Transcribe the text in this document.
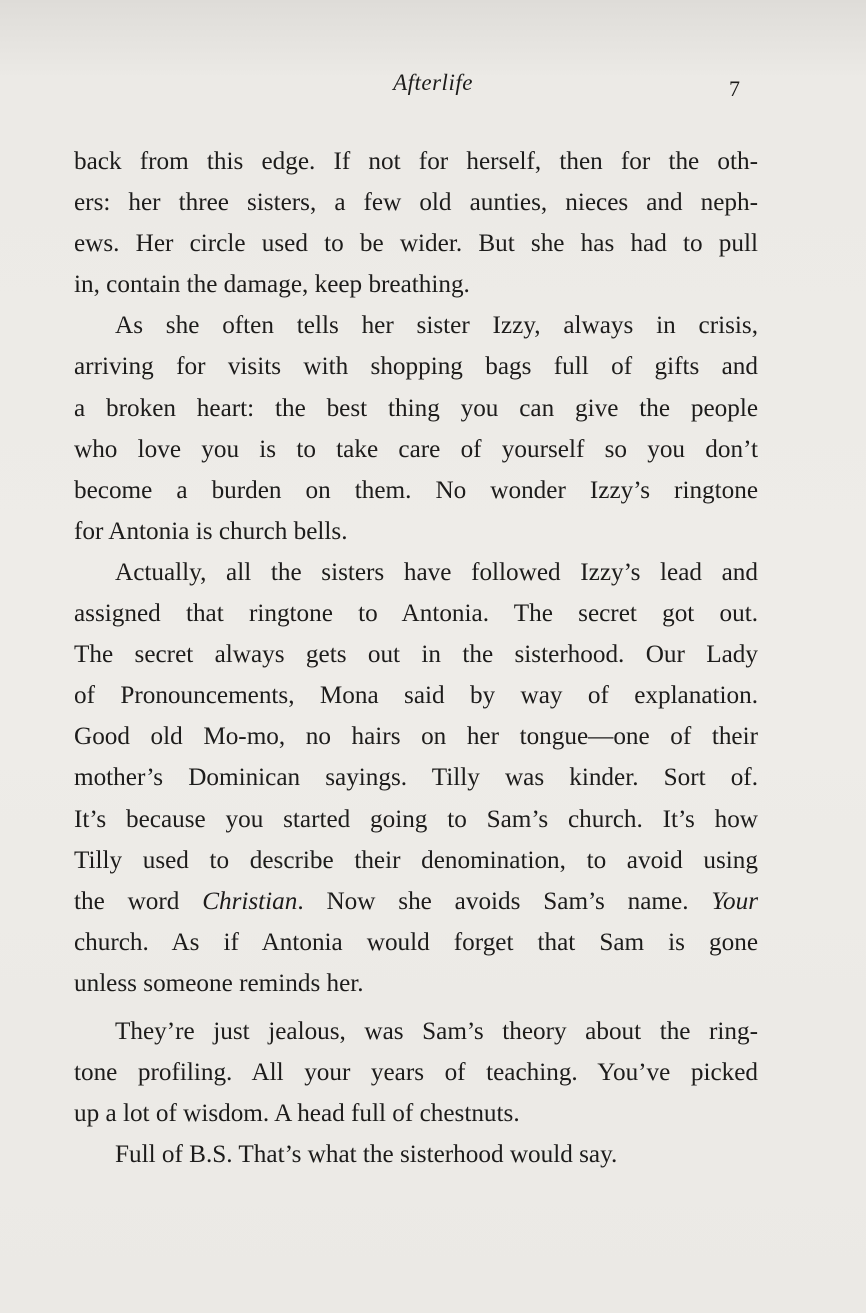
Afterlife	7

back from this edge. If not for herself, then for the oth-
ers: her three sisters, a few old aunties, nieces and neph-
ews. Her circle used to be wider. But she has had to pull
in, contain the damage, keep breathing.

As she often tells her sister Izzy, always in crisis,
arriving for visits with shopping bags full of gifts and
a broken heart: the best thing you can give the people
who love you is to take care of yourself so you don’t
become a burden on them. No wonder Izzy’s ringtone
for Antonia is church bells.

Actually, all the sisters have followed Izzy’s lead and
assigned that ringtone to Antonia. The secret got out.
The secret always gets out in the sisterhood. Our Lady
of Pronouncements, Mona said by way of explanation.
Good old Mo-mo, no hairs on her tongue—one of their
mother’s Dominican sayings. Tilly was kinder. Sort of.
It’s because you started going to Sam’s church. It’s how
Tilly used to describe their denomination, to avoid using
the word Christian. Now she avoids Sam’s name. Your
church. As if Antonia would forget that Sam is gone
unless someone reminds her.

They’re just jealous, was Sam’s theory about the ring-
tone profiling. All your years of teaching. You’ve picked
up a lot of wisdom. A head full of chestnuts.

Full of B.S. That’s what the sisterhood would say.
